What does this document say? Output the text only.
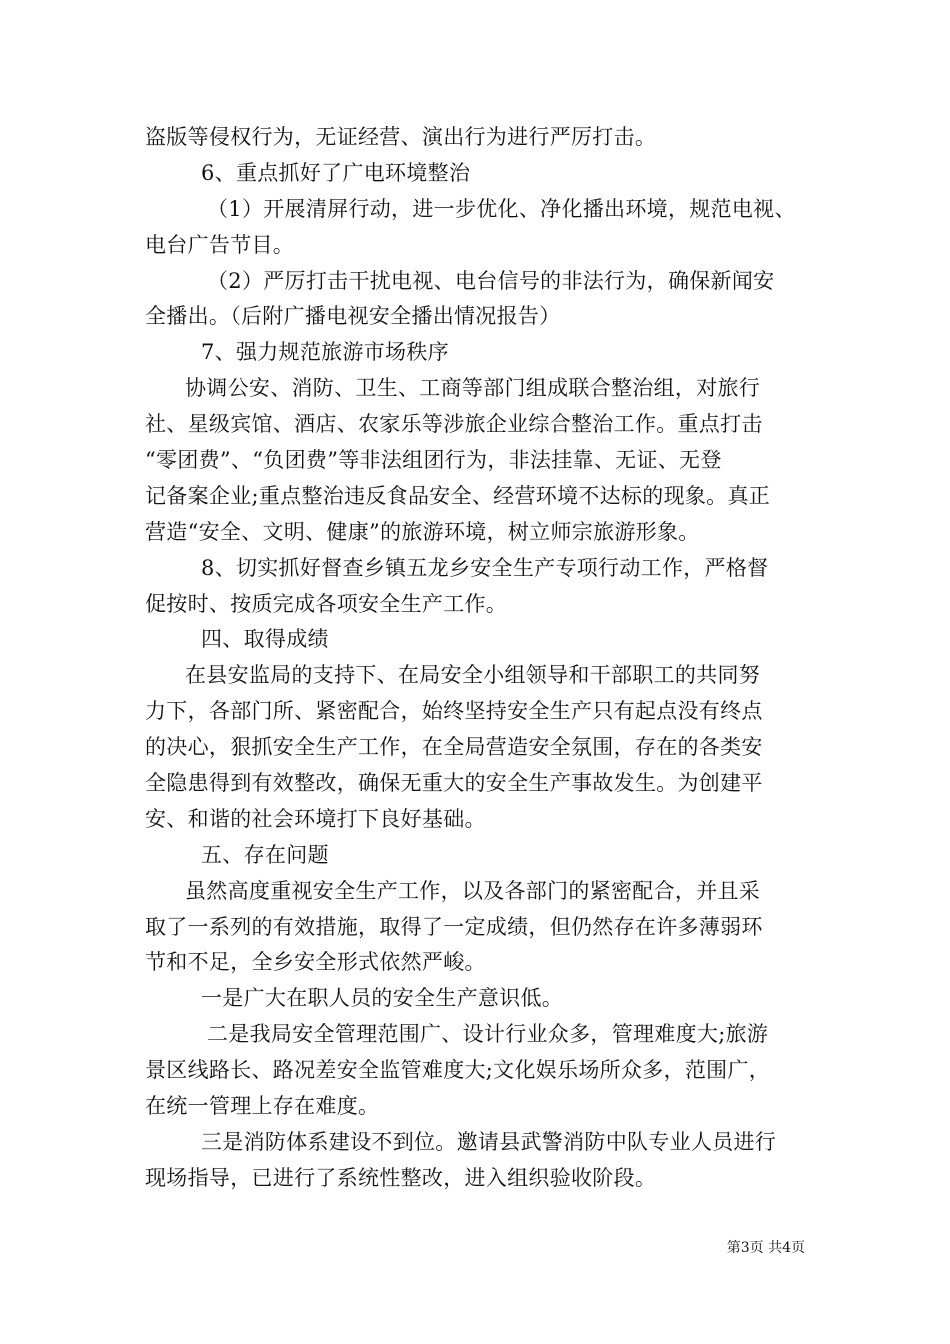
盗版等侵权行为，无证经营、演出行为进行严厉打击。
6、重点抓好了广电环境整治
（1）开展清屏行动，进一步优化、净化播出环境，规范电视、
电台广告节目。
（2）严厉打击干扰电视、电台信号的非法行为，确保新闻安
全播出。（后附广播电视安全播出情况报告）
7、强力规范旅游市场秩序
协调公安、消防、卫生、工商等部门组成联合整治组，对旅行
社、星级宾馆、酒店、农家乐等涉旅企业综合整治工作。重点打击
“零团费”、“负团费”等非法组团行为，非法挂靠、无证、无登
记备案企业;重点整治违反食品安全、经营环境不达标的现象。真正
营造“安全、文明、健康”的旅游环境，树立师宗旅游形象。
8、切实抓好督查乡镇五龙乡安全生产专项行动工作，严格督
促按时、按质完成各项安全生产工作。
四、取得成绩
在县安监局的支持下、在局安全小组领导和干部职工的共同努
力下，各部门所、紧密配合，始终坚持安全生产只有起点没有终点
的决心，狠抓安全生产工作，在全局营造安全氛围，存在的各类安
全隐患得到有效整改，确保无重大的安全生产事故发生。为创建平
安、和谐的社会环境打下良好基础。
五、存在问题
虽然高度重视安全生产工作，以及各部门的紧密配合，并且采
取了一系列的有效措施，取得了一定成绩，但仍然存在许多薄弱环
节和不足，全乡安全形式依然严峻。
一是广大在职人员的安全生产意识低。
二是我局安全管理范围广、设计行业众多，管理难度大;旅游
景区线路长、路况差安全监管难度大;文化娱乐场所众多，范围广，
在统一管理上存在难度。
三是消防体系建设不到位。邀请县武警消防中队专业人员进行
现场指导，已进行了系统性整改，进入组织验收阶段。
第3页 共4页
